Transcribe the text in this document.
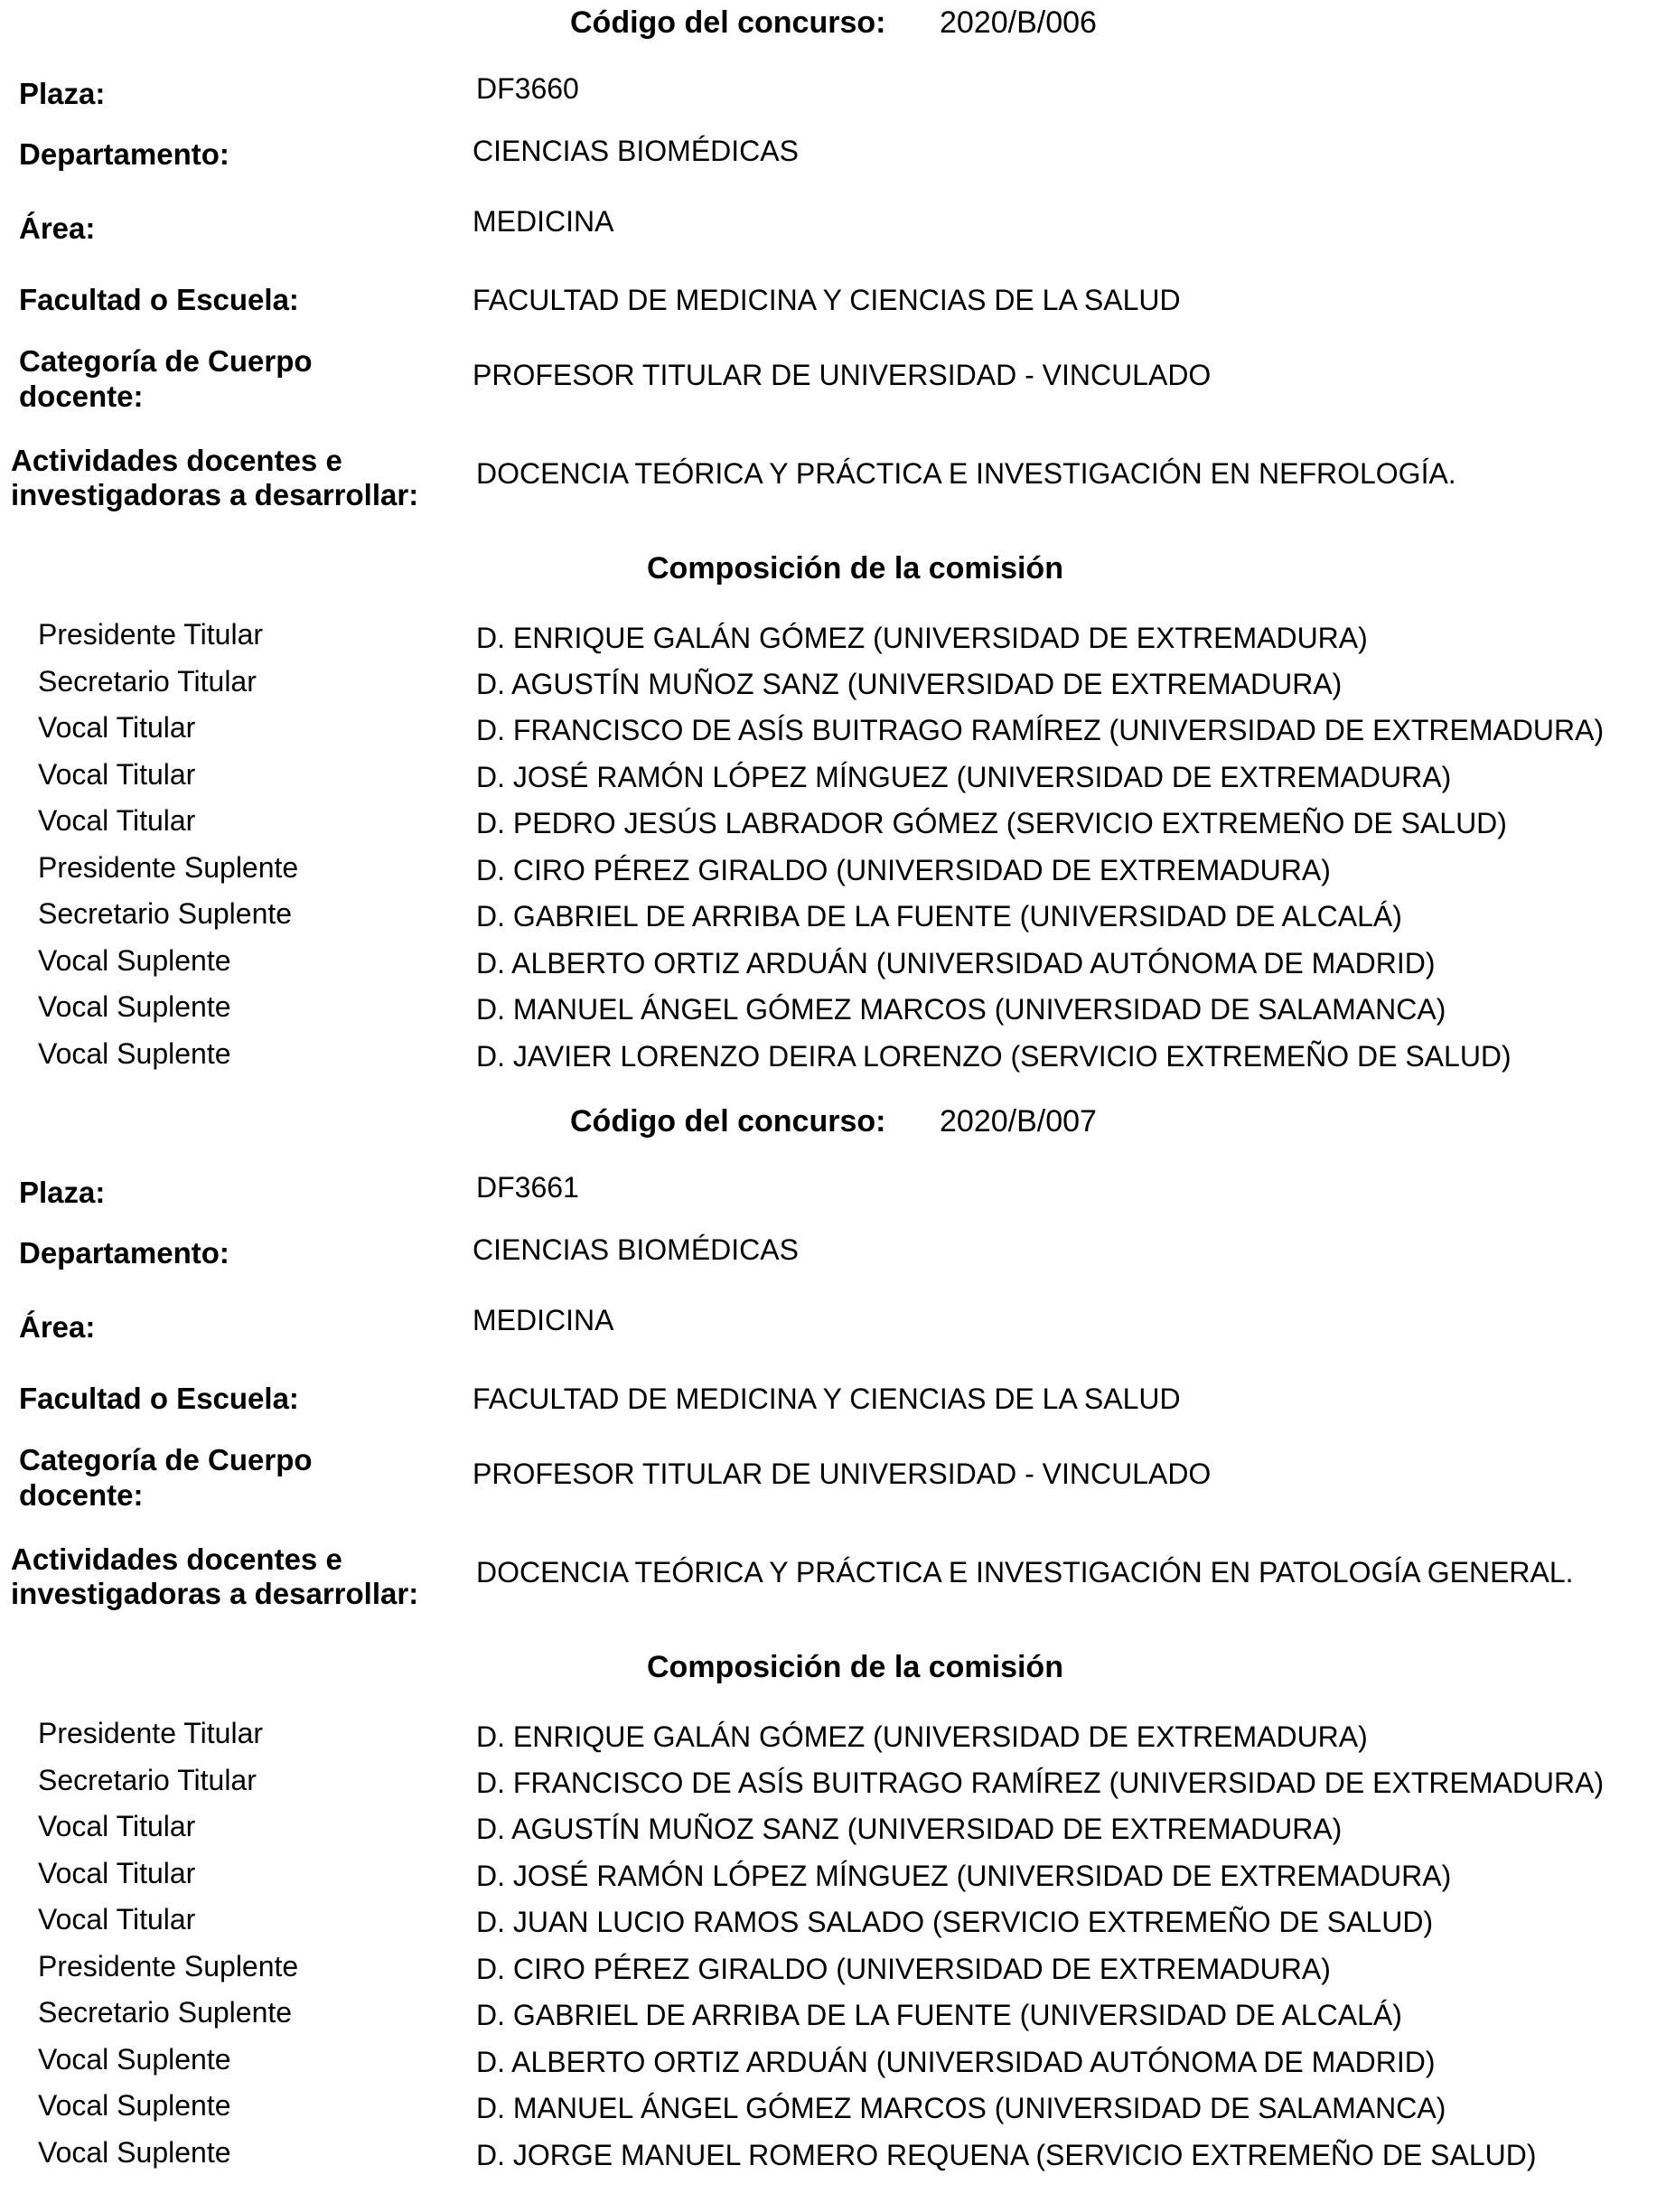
Código del concurso: 2020/B/006
Plaza:	DF3660
Departamento:	CIENCIAS BIOMÉDICAS
Área:	MEDICINA
Facultad o Escuela:	FACULTAD DE MEDICINA Y CIENCIAS DE LA SALUD
Categoría de Cuerpo
docente:
PROFESOR TITULAR DE UNIVERSIDAD - VINCULADO
Actividades docentes e
investigadoras a desarrollar:
DOCENCIA TEÓRICA Y PRÁCTICA E INVESTIGACIÓN EN NEFROLOGÍA.
Composición de la comisión
Presidente Titular	D. ENRIQUE GALÁN GÓMEZ (UNIVERSIDAD DE EXTREMADURA)
Secretario Titular	D. AGUSTÍN MUÑOZ SANZ (UNIVERSIDAD DE EXTREMADURA)
Vocal Titular	D. FRANCISCO DE ASÍS BUITRAGO RAMÍREZ (UNIVERSIDAD DE EXTREMADURA)
Vocal Titular	D. JOSÉ RAMÓN LÓPEZ MÍNGUEZ (UNIVERSIDAD DE EXTREMADURA)
Vocal Titular	D. PEDRO JESÚS LABRADOR GÓMEZ (SERVICIO EXTREMEÑO DE SALUD)
Presidente Suplente	D. CIRO PÉREZ GIRALDO (UNIVERSIDAD DE EXTREMADURA)
Secretario Suplente	D. GABRIEL DE ARRIBA DE LA FUENTE (UNIVERSIDAD DE ALCALÁ)
Vocal Suplente	D. ALBERTO ORTIZ ARDUÁN (UNIVERSIDAD AUTÓNOMA DE MADRID)
Vocal Suplente	D. MANUEL ÁNGEL GÓMEZ MARCOS (UNIVERSIDAD DE SALAMANCA)
Vocal Suplente	D. JAVIER LORENZO DEIRA LORENZO (SERVICIO EXTREMEÑO DE SALUD)
Código del concurso: 2020/B/007
Plaza:	DF3661
Departamento:	CIENCIAS BIOMÉDICAS
Área:	MEDICINA
Facultad o Escuela:	FACULTAD DE MEDICINA Y CIENCIAS DE LA SALUD
Categoría de Cuerpo
docente:
PROFESOR TITULAR DE UNIVERSIDAD - VINCULADO
Actividades docentes e
investigadoras a desarrollar:
DOCENCIA TEÓRICA Y PRÁCTICA E INVESTIGACIÓN EN PATOLOGÍA GENERAL.
Composición de la comisión
Presidente Titular	D. ENRIQUE GALÁN GÓMEZ (UNIVERSIDAD DE EXTREMADURA)
Secretario Titular	D. FRANCISCO DE ASÍS BUITRAGO RAMÍREZ (UNIVERSIDAD DE EXTREMADURA)
Vocal Titular	D. AGUSTÍN MUÑOZ SANZ (UNIVERSIDAD DE EXTREMADURA)
Vocal Titular	D. JOSÉ RAMÓN LÓPEZ MÍNGUEZ (UNIVERSIDAD DE EXTREMADURA)
Vocal Titular	D. JUAN LUCIO RAMOS SALADO (SERVICIO EXTREMEÑO DE SALUD)
Presidente Suplente	D. CIRO PÉREZ GIRALDO (UNIVERSIDAD DE EXTREMADURA)
Secretario Suplente	D. GABRIEL DE ARRIBA DE LA FUENTE (UNIVERSIDAD DE ALCALÁ)
Vocal Suplente	D. ALBERTO ORTIZ ARDUÁN (UNIVERSIDAD AUTÓNOMA DE MADRID)
Vocal Suplente	D. MANUEL ÁNGEL GÓMEZ MARCOS (UNIVERSIDAD DE SALAMANCA)
Vocal Suplente	D. JORGE MANUEL ROMERO REQUENA (SERVICIO EXTREMEÑO DE SALUD)
